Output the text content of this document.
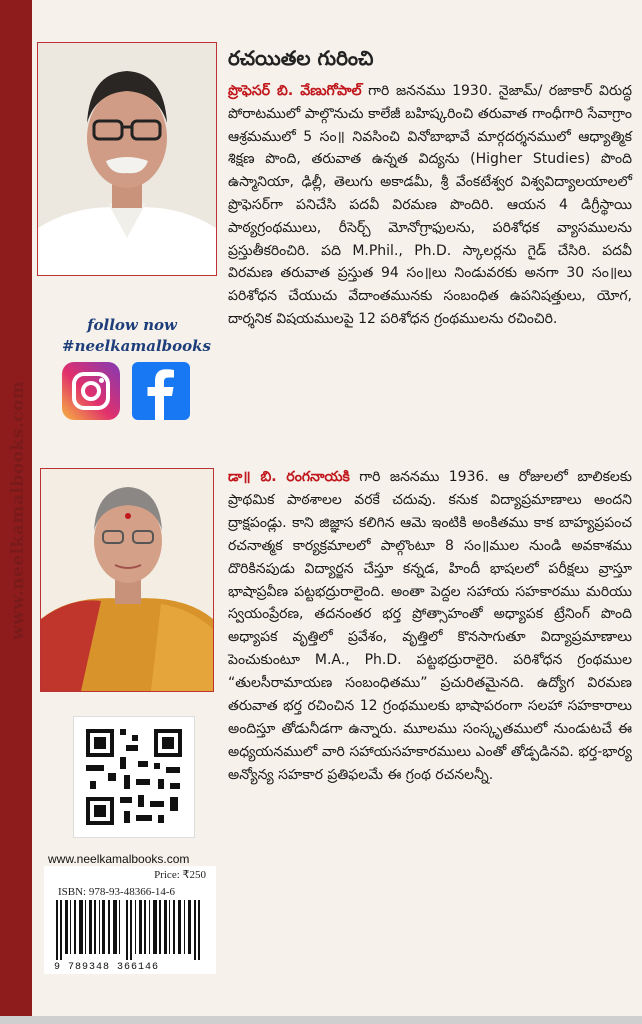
www.neelkamalbooks.com
follow now
#neelkamalbooks
www.neelkamalbooks.com
Price: ₹250
ISBN: 978-93-48366-14-6
9 789348 366146
రచయితల గురించి
ప్రొఫెసర్ బి. వేణుగోపాల్ గారి జననము 1930. నైజామ్/ రజాకార్ విరుద్ధ పోరాటములో పాల్గొనుచు కాలేజీ బహిష్కరించి తరువాత గాంధీగారి సేవాగ్రాం ఆశ్రమములో 5 సం॥ నివసించి వినోబాభావే మార్గదర్శనములో ఆధ్యాత్మిక శిక్షణ పొంది, తరువాత ఉన్నత విద్యను (Higher Studies) పొంది ఉస్మానియా, ఢిల్లీ, తెలుగు అకాడమీ, శ్రీ వేంకటేశ్వర విశ్వవిద్యాలయాలలో ప్రొఫెసర్‌గా పనిచేసి పదవీ విరమణ పొందిరి. ఆయన 4 డిగ్రీస్థాయి పాఠ్యగ్రంథములు, రీసెర్చ్ మోనోగ్రాఫులను, పరిశోధక వ్యాసములను ప్రస్తుతీకరించిరి. పది M.Phil., Ph.D. స్కాలర్లను గైడ్ చేసిరి. పదవీ విరమణ తరువాత ప్రస్తుత 94 సం॥లు నిండువరకు అనగా 30 సం॥లు పరిశోధన చేయుచు వేదాంతమునకు సంబంధిత ఉపనిషత్తులు, యోగ, దార్శనిక విషయములపై 12 పరిశోధన గ్రంథములను రచించిరి.
డా॥ బి. రంగనాయకి గారి జననము 1936. ఆ రోజులలో బాలికలకు ప్రాథమిక పాఠశాలల వరకే చదువు. కనుక విద్యాప్రమాణాలు అందని ద్రాక్షపండ్లు. కాని జిజ్ఞాస కలిగిన ఆమె ఇంటికి అంకితము కాక బాహ్యప్రపంచ రచనాత్మక కార్యక్రమాలలో పాల్గొంటూ 8 సం॥ముల నుండి అవకాశము దొరికినపుడు విద్యార్జన చేస్తూ కన్నడ, హిందీ భాషలలో పరీక్షలు వ్రాస్తూ భాషాప్రవీణ పట్టభద్రురాలైంది. అంతా పెద్దల సహాయ సహకారము మరియు స్వయంప్రేరణ, తదనంతర భర్త ప్రోత్సాహంతో అధ్యాపక ట్రేనింగ్ పొంది అధ్యాపక వృత్తిలో ప్రవేశం, వృత్తిలో కొనసాగుతూ విద్యాప్రమాణాలు పెంచుకుంటూ M.A., Ph.D. పట్టభద్రురాలైరి. పరిశోధన గ్రంథముల “తులసీరామాయణ సంబంధితము” ప్రచురితమైనది. ఉద్యోగ విరమణ తరువాత భర్త రచించిన 12 గ్రంథములకు భాషాపరంగా సలహా సహకారాలు అందిస్తూ తోడునీడగా ఉన్నారు. మూలము సంస్కృతములో నుండుటచే ఈ అధ్యయనములో వారి సహాయసహకారములు ఎంతో తోడ్పడినవి. భర్త-భార్య అన్యోన్య సహకార ప్రతిఫలమే ఈ గ్రంథ రచనలన్నీ.
